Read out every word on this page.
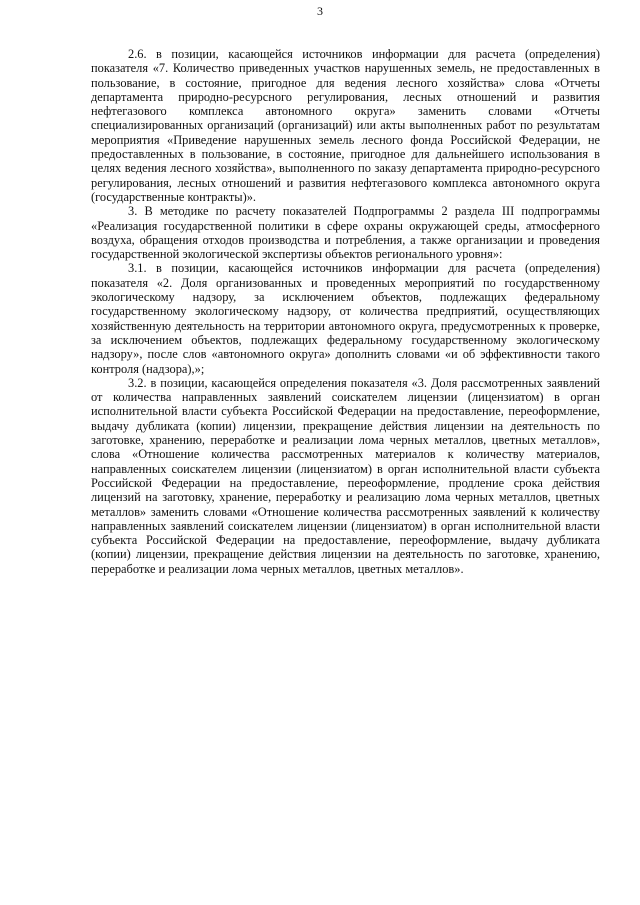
3

2.6. в позиции, касающейся источников информации для расчета (определения) показателя «7. Количество приведенных участков нарушенных земель, не предоставленных в пользование, в состояние, пригодное для ведения лесного хозяйства» слова «Отчеты департамента природно-ресурсного регулирования, лесных отношений и развития нефтегазового комплекса автономного округа» заменить словами «Отчеты специализированных организаций (организаций) или акты выполненных работ по результатам мероприятия «Приведение нарушенных земель лесного фонда Российской Федерации, не предоставленных в пользование, в состояние, пригодное для дальнейшего использования в целях ведения лесного хозяйства», выполненного по заказу департамента природно-ресурсного регулирования, лесных отношений и развития нефтегазового комплекса автономного округа (государственные контракты)».

3. В методике по расчету показателей Подпрограммы 2 раздела III подпрограммы «Реализация государственной политики в сфере охраны окружающей среды, атмосферного воздуха, обращения отходов производства и потребления, а также организации и проведения государственной экологической экспертизы объектов регионального уровня»:

3.1. в позиции, касающейся источников информации для расчета (определения) показателя «2. Доля организованных и проведенных мероприятий по государственному экологическому надзору, за исключением объектов, подлежащих федеральному государственному экологическому надзору, от количества предприятий, осуществляющих хозяйственную деятельность на территории автономного округа, предусмотренных к проверке, за исключением объектов, подлежащих федеральному государственному экологическому надзору», после слов «автономного округа» дополнить словами «и об эффективности такого контроля (надзора),»;

3.2. в позиции, касающейся определения показателя «3. Доля рассмотренных заявлений от количества направленных заявлений соискателем лицензии (лицензиатом) в орган исполнительной власти субъекта Российской Федерации на предоставление, переоформление, выдачу дубликата (копии) лицензии, прекращение действия лицензии на деятельность по заготовке, хранению, переработке и реализации лома черных металлов, цветных металлов», слова «Отношение количества рассмотренных материалов к количеству материалов, направленных соискателем лицензии (лицензиатом) в орган исполнительной власти субъекта Российской Федерации на предоставление, переоформление, продление срока действия лицензий на заготовку, хранение, переработку и реализацию лома черных металлов, цветных металлов» заменить словами «Отношение количества рассмотренных заявлений к количеству направленных заявлений соискателем лицензии (лицензиатом) в орган исполнительной власти субъекта Российской Федерации на предоставление, переоформление, выдачу дубликата (копии) лицензии, прекращение действия лицензии на деятельность по заготовке, хранению, переработке и реализации лома черных металлов, цветных металлов».
